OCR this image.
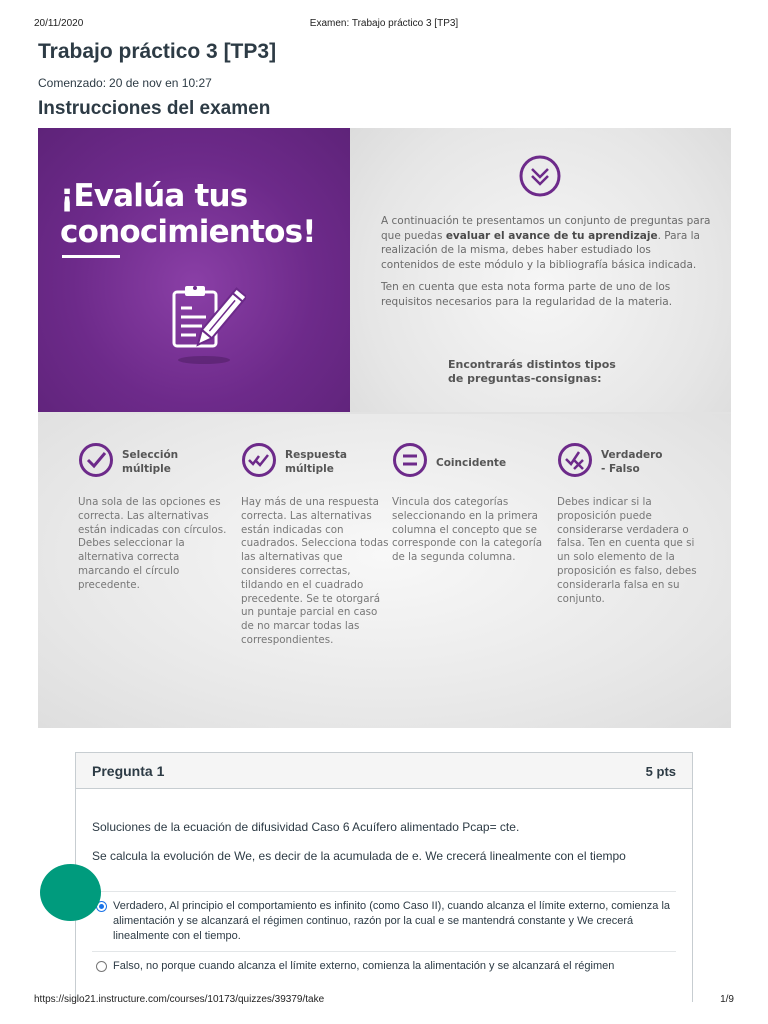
20/11/2020	Examen: Trabajo práctico 3 [TP3]
Trabajo práctico 3 [TP3]
Comenzado: 20 de nov en 10:27
Instrucciones del examen
¡Evalúa tus
conocimientos!	A continuación te presentamos un conjunto de preguntas para que puedas evaluar el avance de tu aprendizaje. Para la realización de la misma, debes haber estudiado los contenidos de este módulo y la bibliografía básica indicada.

Ten en cuenta que esta nota forma parte de uno de los requisitos necesarios para la regularidad de la materia.

Encontrarás distintos tipos
de preguntas-consignas:
Selección
múltiple
Una sola de las opciones es correcta. Las alternativas están indicadas con círculos. Debes seleccionar la alternativa correcta marcando el círculo precedente.
Respuesta
múltiple
Hay más de una respuesta correcta. Las alternativas están indicadas con cuadrados. Selecciona todas las alternativas que consideres correctas, tildando en el cuadrado precedente. Se te otorgará un puntaje parcial en caso de no marcar todas las correspondientes.
Coincidente
Vincula dos categorías seleccionando en la primera columna el concepto que se corresponde con la categoría de la segunda columna.
Verdadero
- Falso
Debes indicar si la proposición puede considerarse verdadera o falsa. Ten en cuenta que si un solo elemento de la proposición es falso, debes considerarla falsa en su conjunto.
Pregunta 1	5 pts
Soluciones de la ecuación de difusividad Caso 6 Acuífero alimentado Pcap= cte.
Se calcula la evolución de We, es decir de la acumulada de e. We crecerá linealmente con el tiempo
Verdadero, Al principio el comportamiento es infinito (como Caso II), cuando alcanza el límite externo, comienza la alimentación y se alcanzará el régimen continuo, razón por la cual e se mantendrá constante y We crecerá linealmente con el tiempo.
Falso, no porque cuando alcanza el límite externo, comienza la alimentación y se alcanzará el régimen
https://siglo21.instructure.com/courses/10173/quizzes/39379/take	1/9
